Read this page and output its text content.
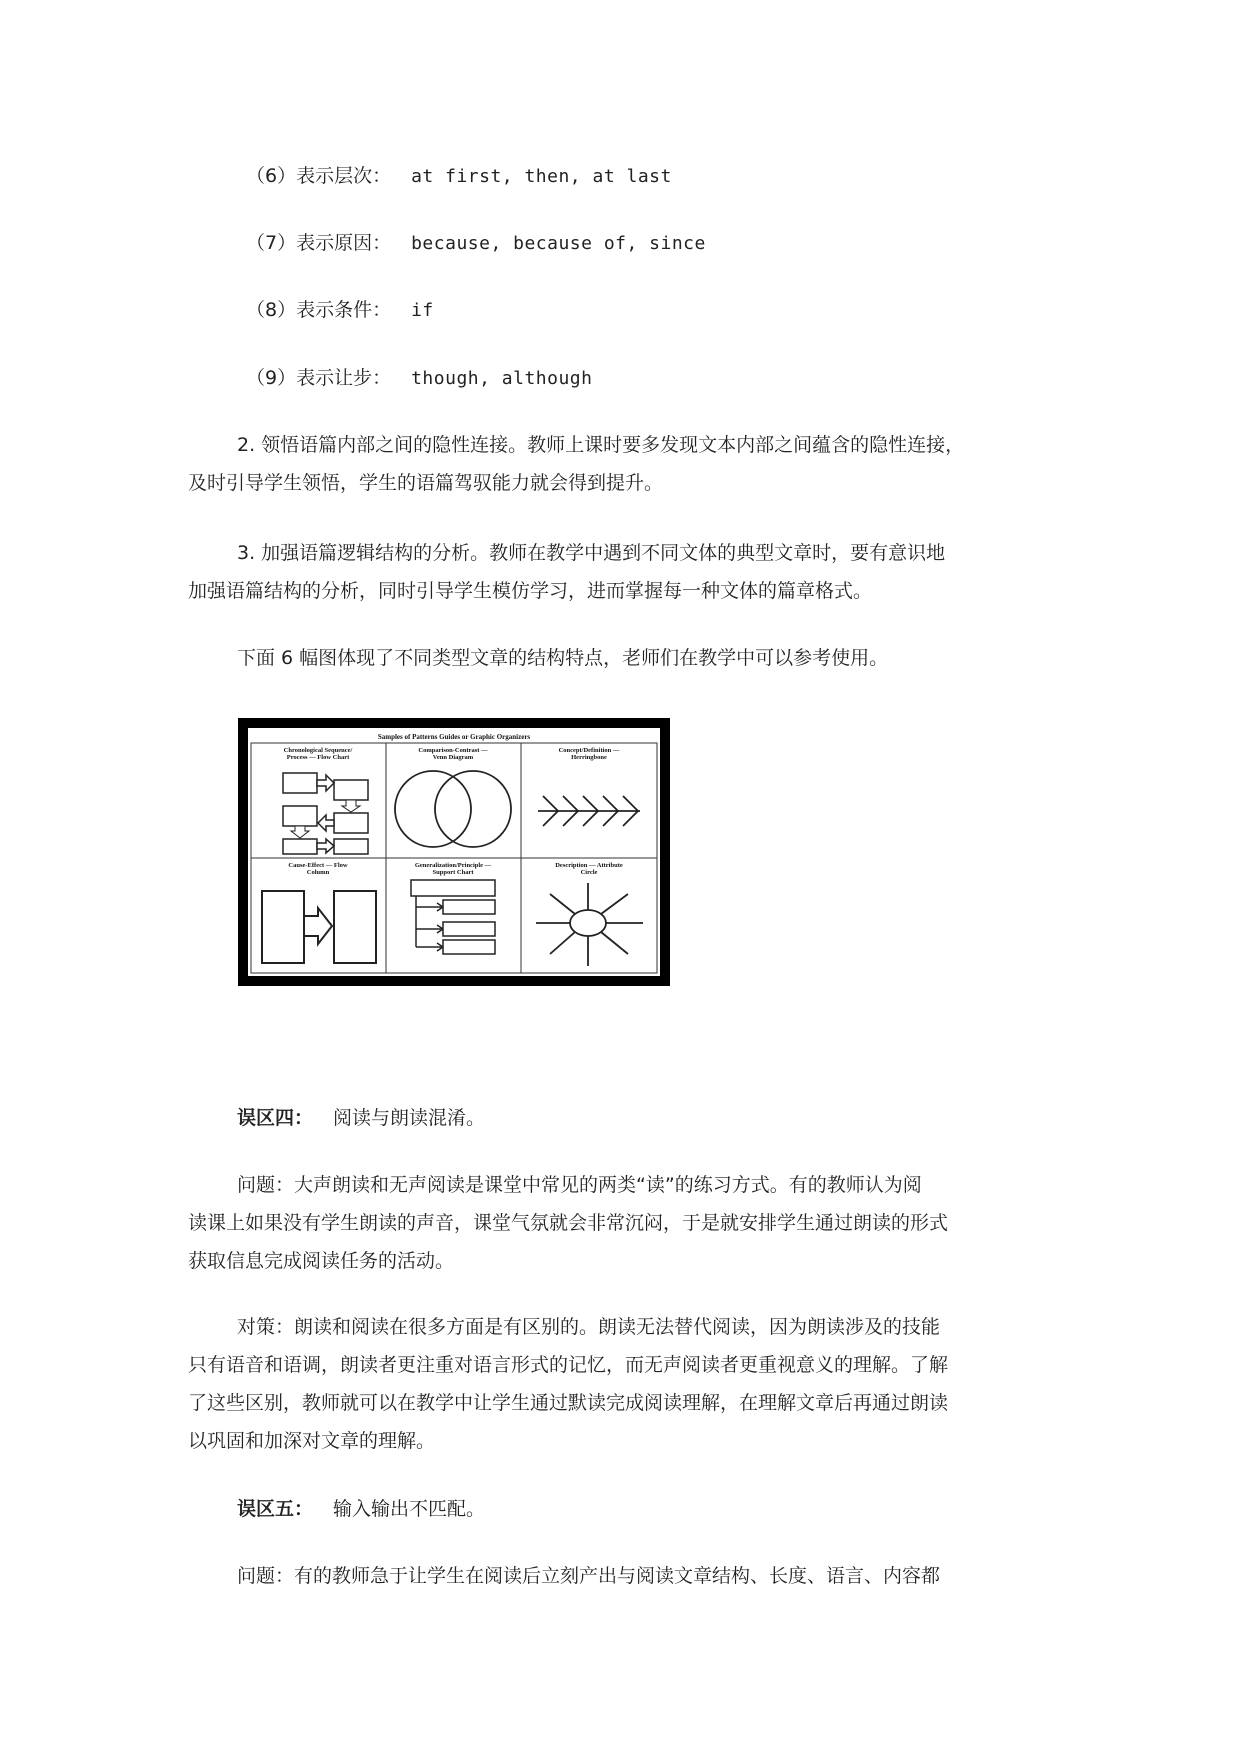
（6）表示层次： at first, then, at last
（7）表示原因： because, because of, since
（8）表示条件： if
（9）表示让步： though, although
2. 领悟语篇内部之间的隐性连接。教师上课时要多发现文本内部之间蕴含的隐性连接，
及时引导学生领悟，学生的语篇驾驭能力就会得到提升。
3. 加强语篇逻辑结构的分析。教师在教学中遇到不同文体的典型文章时，要有意识地
加强语篇结构的分析，同时引导学生模仿学习，进而掌握每一种文体的篇章格式。
下面 6 幅图体现了不同类型文章的结构特点，老师们在教学中可以参考使用。
Samples of Patterns Guides or Graphic Organizers
Chronological Sequence/
Process — Flow Chart
Comparison-Contrast —
Venn Diagram
Concept/Definition —
Herringbone
Cause-Effect — Flow
Column
Generalization/Principle —
Support Chart
Description — Attribute
Circle
误区四： 阅读与朗读混淆。
问题：大声朗读和无声阅读是课堂中常见的两类“读”的练习方式。有的教师认为阅
读课上如果没有学生朗读的声音，课堂气氛就会非常沉闷，于是就安排学生通过朗读的形式
获取信息完成阅读任务的活动。
对策：朗读和阅读在很多方面是有区别的。朗读无法替代阅读，因为朗读涉及的技能
只有语音和语调，朗读者更注重对语言形式的记忆，而无声阅读者更重视意义的理解。了解
了这些区别，教师就可以在教学中让学生通过默读完成阅读理解，在理解文章后再通过朗读
以巩固和加深对文章的理解。
误区五： 输入输出不匹配。
问题：有的教师急于让学生在阅读后立刻产出与阅读文章结构、长度、语言、内容都
